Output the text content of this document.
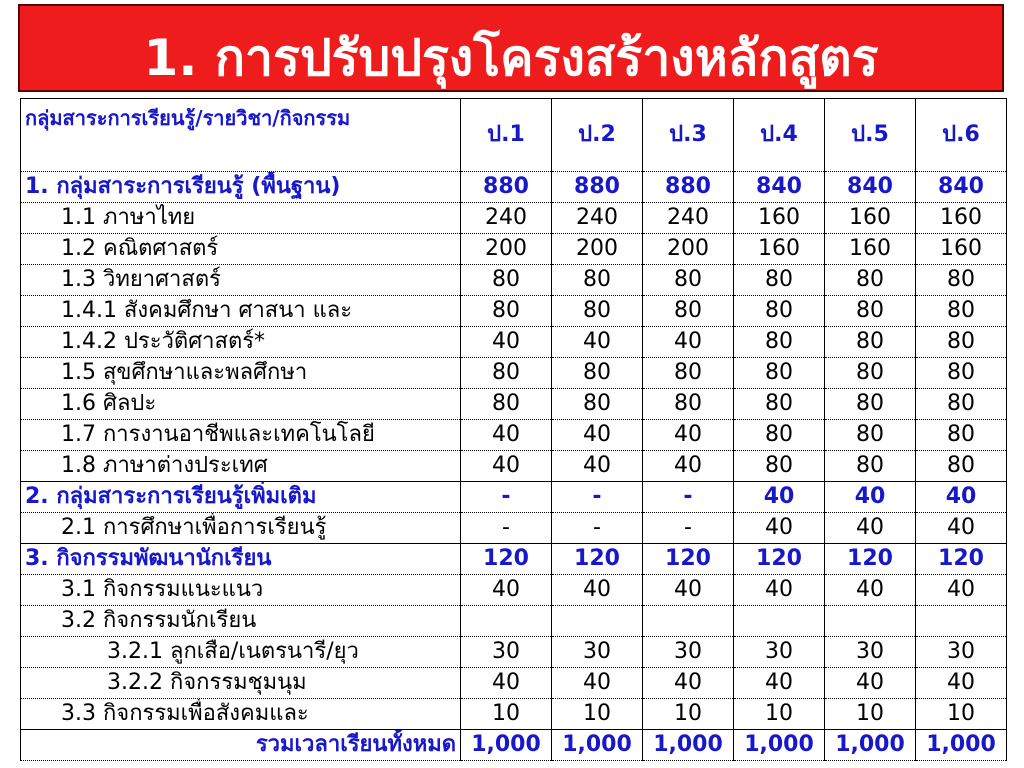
1. การปรับปรุงโครงสร้างหลักสูตร
กลุ่มสาระการเรียนรู้/รายวิชา/กิจกรรม	ป.1	ป.2	ป.3	ป.4	ป.5	ป.6
1. กลุ่มสาระการเรียนรู้ (พื้นฐาน)	880	880	880	840	840	840
1.1 ภาษาไทย	240	240	240	160	160	160
1.2 คณิตศาสตร์	200	200	200	160	160	160
1.3 วิทยาศาสตร์	80	80	80	80	80	80
1.4.1 สังคมศึกษา ศาสนา และ	80	80	80	80	80	80
1.4.2 ประวัติศาสตร์*	40	40	40	80	80	80
1.5 สุขศึกษาและพลศึกษา	80	80	80	80	80	80
1.6 ศิลปะ	80	80	80	80	80	80
1.7 การงานอาชีพและเทคโนโลยี	40	40	40	80	80	80
1.8 ภาษาต่างประเทศ	40	40	40	80	80	80
2. กลุ่มสาระการเรียนรู้เพิ่มเติม	-	-	-	40	40	40
2.1 การศึกษาเพื่อการเรียนรู้	-	-	-	40	40	40
3. กิจกรรมพัฒนานักเรียน	120	120	120	120	120	120
3.1 กิจกรรมแนะแนว	40	40	40	40	40	40
3.2 กิจกรรมนักเรียน						
3.2.1 ลูกเสือ/เนตรนารี/ยุว	30	30	30	30	30	30
3.2.2 กิจกรรมชุมนุม	40	40	40	40	40	40
3.3 กิจกรรมเพื่อสังคมและ	10	10	10	10	10	10
รวมเวลาเรียนทั้งหมด	1,000	1,000	1,000	1,000	1,000	1,000
